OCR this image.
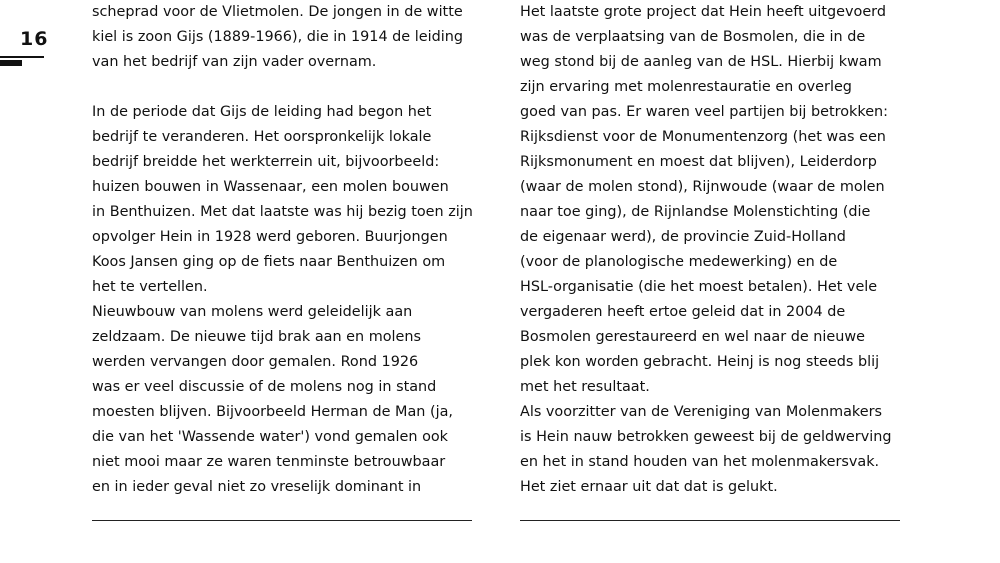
16
scheprad voor de Vlietmolen. De jongen in de witte
kiel is zoon Gijs (1889-1966), die in 1914 de leiding
van het bedrijf van zijn vader overnam.

In de periode dat Gijs de leiding had begon het
bedrijf te veranderen. Het oorspronkelijk lokale
bedrijf breidde het werkterrein uit, bijvoorbeeld:
huizen bouwen in Wassenaar, een molen bouwen
in Benthuizen. Met dat laatste was hij bezig toen zijn
opvolger Hein in 1928 werd geboren. Buurjongen
Koos Jansen ging op de fiets naar Benthuizen om
het te vertellen.
Nieuwbouw van molens werd geleidelijk aan
zeldzaam. De nieuwe tijd brak aan en molens
werden vervangen door gemalen. Rond 1926
was er veel discussie of de molens nog in stand
moesten blijven. Bijvoorbeeld Herman de Man (ja,
die van het 'Wassende water') vond gemalen ook
niet mooi maar ze waren tenminste betrouwbaar
en in ieder geval niet zo vreselijk dominant in
Het laatste grote project dat Hein heeft uitgevoerd
was de verplaatsing van de Bosmolen, die in de
weg stond bij de aanleg van de HSL. Hierbij kwam
zijn ervaring met molenrestauratie en overleg
goed van pas. Er waren veel partijen bij betrokken:
Rijksdienst voor de Monumentenzorg (het was een
Rijksmonument en moest dat blijven), Leiderdorp
(waar de molen stond), Rijnwoude (waar de molen
naar toe ging), de Rijnlandse Molenstichting (die
de eigenaar werd), de provincie Zuid-Holland
(voor de planologische medewerking) en de
HSL-organisatie (die het moest betalen). Het vele
vergaderen heeft ertoe geleid dat in 2004 de
Bosmolen gerestaureerd en wel naar de nieuwe
plek kon worden gebracht. Heinj is nog steeds blij
met het resultaat.
Als voorzitter van de Vereniging van Molenmakers
is Hein nauw betrokken geweest bij de geldwerving
en het in stand houden van het molenmakersvak.
Het ziet ernaar uit dat dat is gelukt.
